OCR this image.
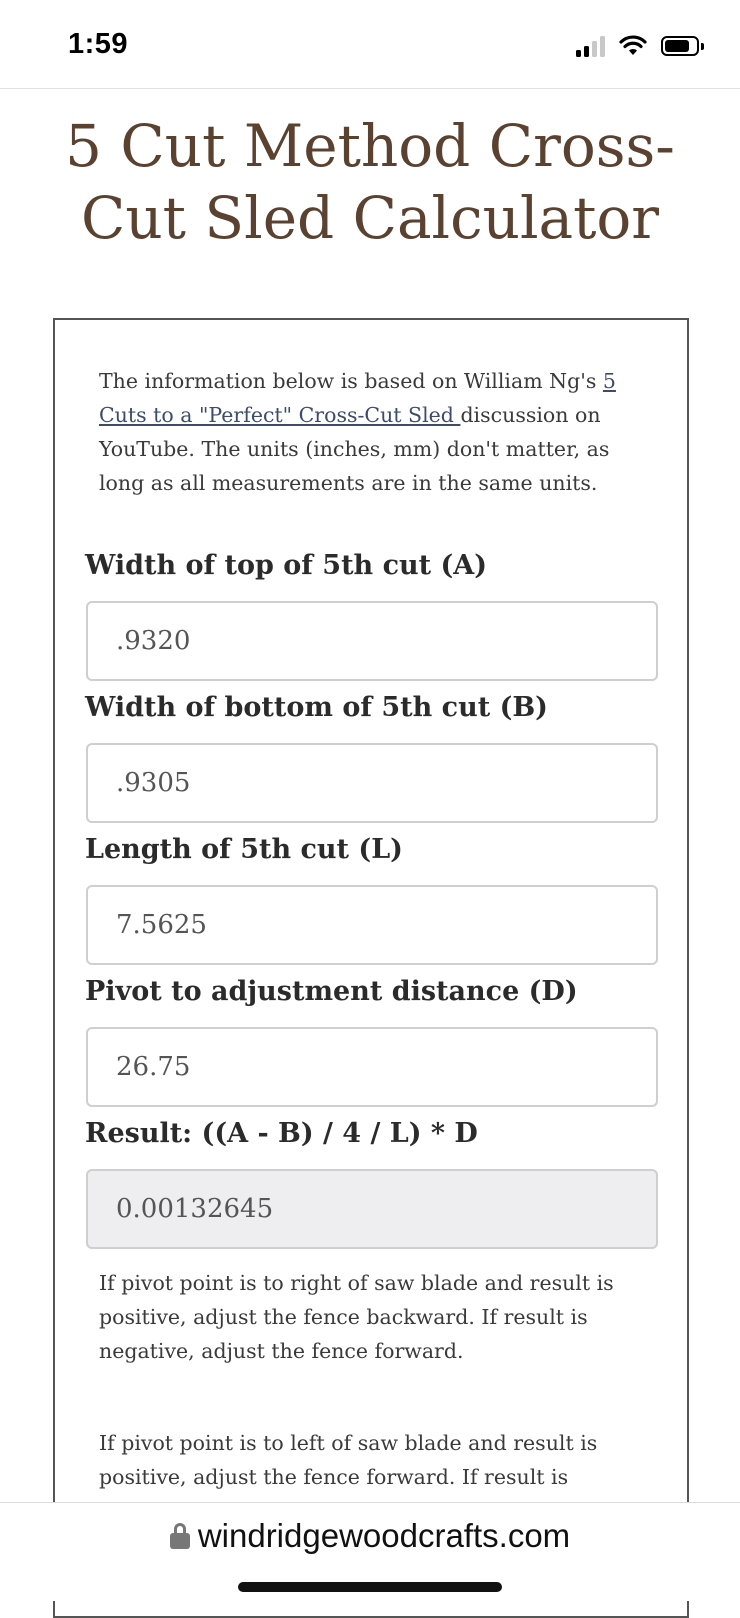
1:59
5 Cut Method Cross-Cut Sled Calculator

The information below is based on William Ng's 5 Cuts to a "Perfect" Cross-Cut Sled discussion on YouTube. The units (inches, mm) don't matter, as long as all measurements are in the same units.

Width of top of 5th cut (A)
.9320
Width of bottom of 5th cut (B)
.9305
Length of 5th cut (L)
7.5625
Pivot to adjustment distance (D)
26.75
Result: ((A - B) / 4 / L) * D
0.00132645

If pivot point is to right of saw blade and result is positive, adjust the fence backward. If result is negative, adjust the fence forward.

If pivot point is to left of saw blade and result is positive, adjust the fence forward. If result is

windridgewoodcrafts.com
